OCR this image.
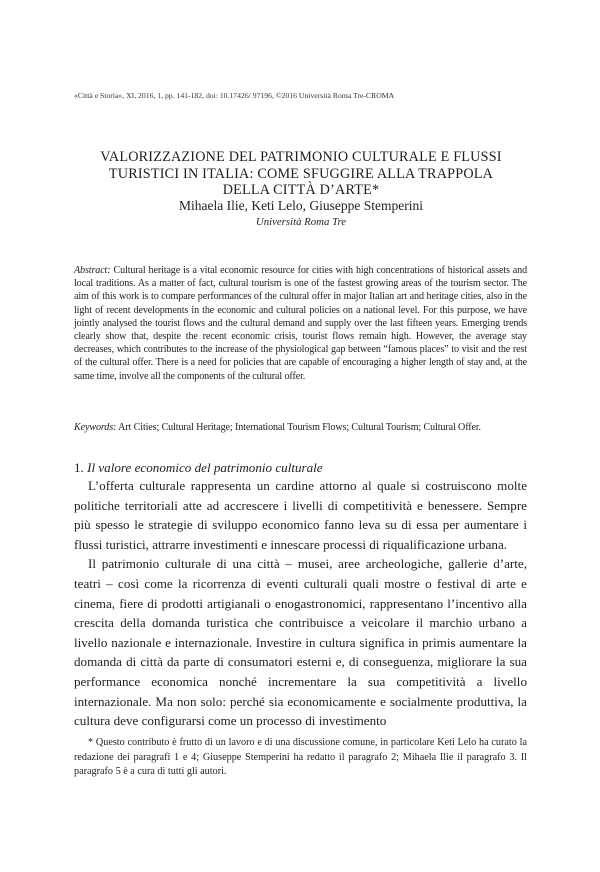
«Città e Storia», XI, 2016, 1, pp. 141-182, doi: 10.17426/ 97196, ©2016 Università Roma Tre-CROMA
VALORIZZAZIONE DEL PATRIMONIO CULTURALE E FLUSSI
TURISTICI IN ITALIA: COME SFUGGIRE ALLA TRAPPOLA
DELLA CITTÀ D’ARTE*
Mihaela Ilie, Keti Lelo, Giuseppe Stemperini
Università Roma Tre

Abstract: Cultural heritage is a vital economic resource for cities with high concentrations of historical assets and local traditions. As a matter of fact, cultural tourism is one of the fastest growing areas of the tourism sector. The aim of this work is to compare performances of the cultural offer in major Italian art and heritage cities, also in the light of recent developments in the economic and cultural policies on a national level. For this purpose, we have jointly analysed the tourist flows and the cultural demand and supply over the last fifteen years. Emerging trends clearly show that, despite the recent economic crisis, tourist flows remain high. However, the average stay decreases, which contributes to the increase of the physiological gap between “famous places” to visit and the rest of the cultural offer. There is a need for policies that are capable of encouraging a higher length of stay and, at the same time, involve all the components of the cultural offer.

Keywords: Art Cities; Cultural Heritage; International Tourism Flows; Cultural Tourism; Cultural Offer.
1. Il valore economico del patrimonio culturale

L’offerta culturale rappresenta un cardine attorno al quale si costruiscono molte politiche territoriali atte ad accrescere i livelli di competitività e benessere. Sempre più spesso le strategie di sviluppo economico fanno leva su di essa per aumentare i flussi turistici, attrarre investimenti e innescare processi di riqualificazione urbana.

Il patrimonio culturale di una città – musei, aree archeologiche, gallerie d’arte, teatri – così come la ricorrenza di eventi culturali quali mostre o festival di arte e cinema, fiere di prodotti artigianali o enogastronomici, rappresentano l’incentivo alla crescita della domanda turistica che contribuisce a veicolare il marchio urbano a livello nazionale e internazionale. Investire in cultura significa in primis aumentare la domanda di città da parte di consumatori esterni e, di conseguenza, migliorare la sua performance economica nonché incrementare la sua competitività a livello internazionale. Ma non solo: perché sia economicamente e socialmente produttiva, la cultura deve configurarsi come un processo di investimento

* Questo contributo è frutto di un lavoro e di una discussione comune, in particolare Keti Lelo ha curato la redazione dei paragrafi 1 e 4; Giuseppe Stemperini ha redatto il paragrafo 2; Mihaela Ilie il paragrafo 3. Il paragrafo 5 è a cura di tutti gli autori.
